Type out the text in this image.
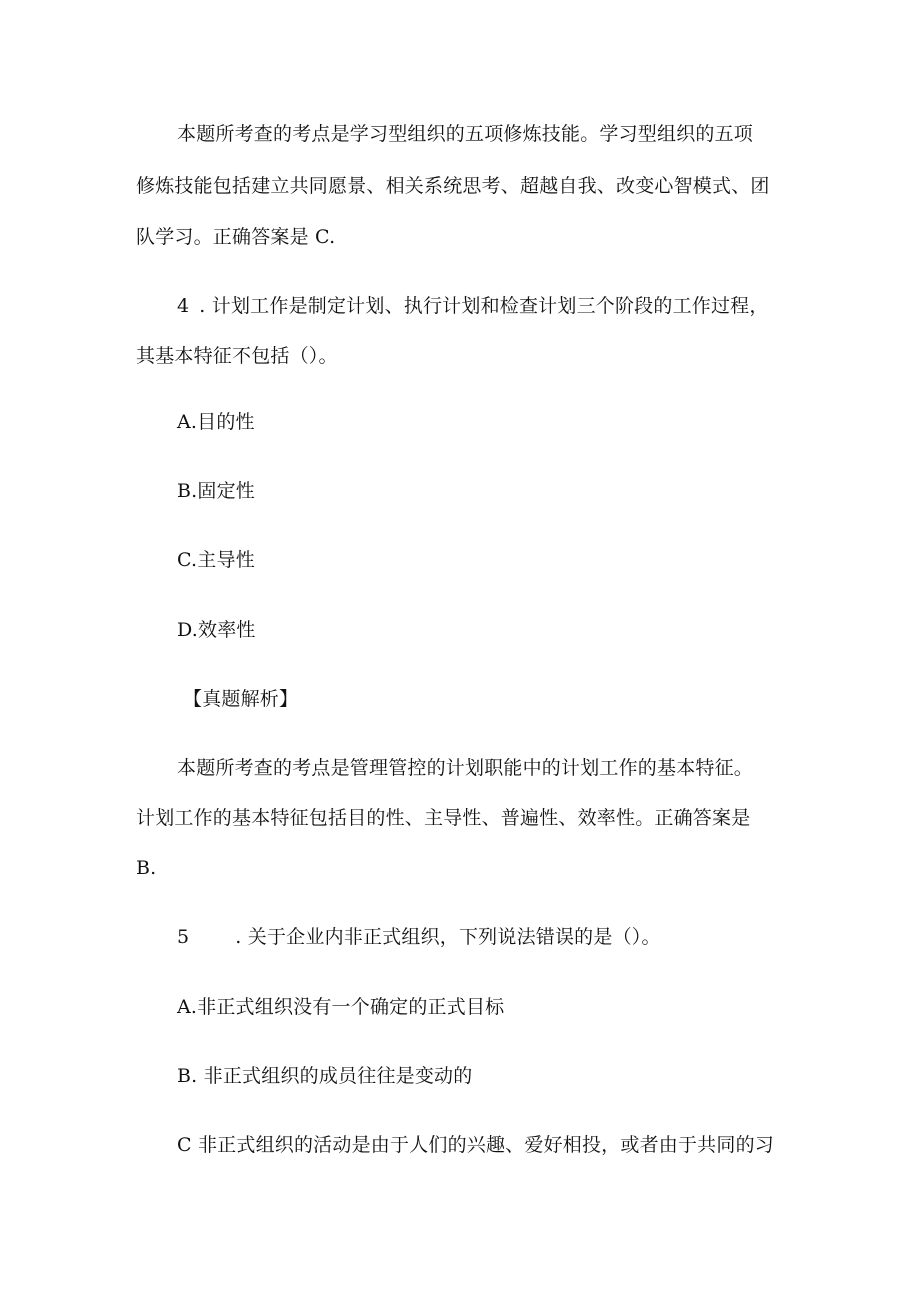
本题所考查的考点是学习型组织的五项修炼技能。学习型组织的五项
修炼技能包括建立共同愿景、相关系统思考、超越自我、改变心智模式、团
队学习。正确答案是 C.
4 . 计划工作是制定计划、执行计划和检查计划三个阶段的工作过程，
其基本特征不包括（）。
A.目的性
B.固定性
C.主导性
D.效率性
【真题解析】
本题所考查的考点是管理管控的计划职能中的计划工作的基本特征。
计划工作的基本特征包括目的性、主导性、普遍性、效率性。正确答案是
B.
5 . 关于企业内非正式组织，下列说法错误的是（）。
A.非正式组织没有一个确定的正式目标
B. 非正式组织的成员往往是变动的
C 非正式组织的活动是由于人们的兴趣、爱好相投，或者由于共同的习
